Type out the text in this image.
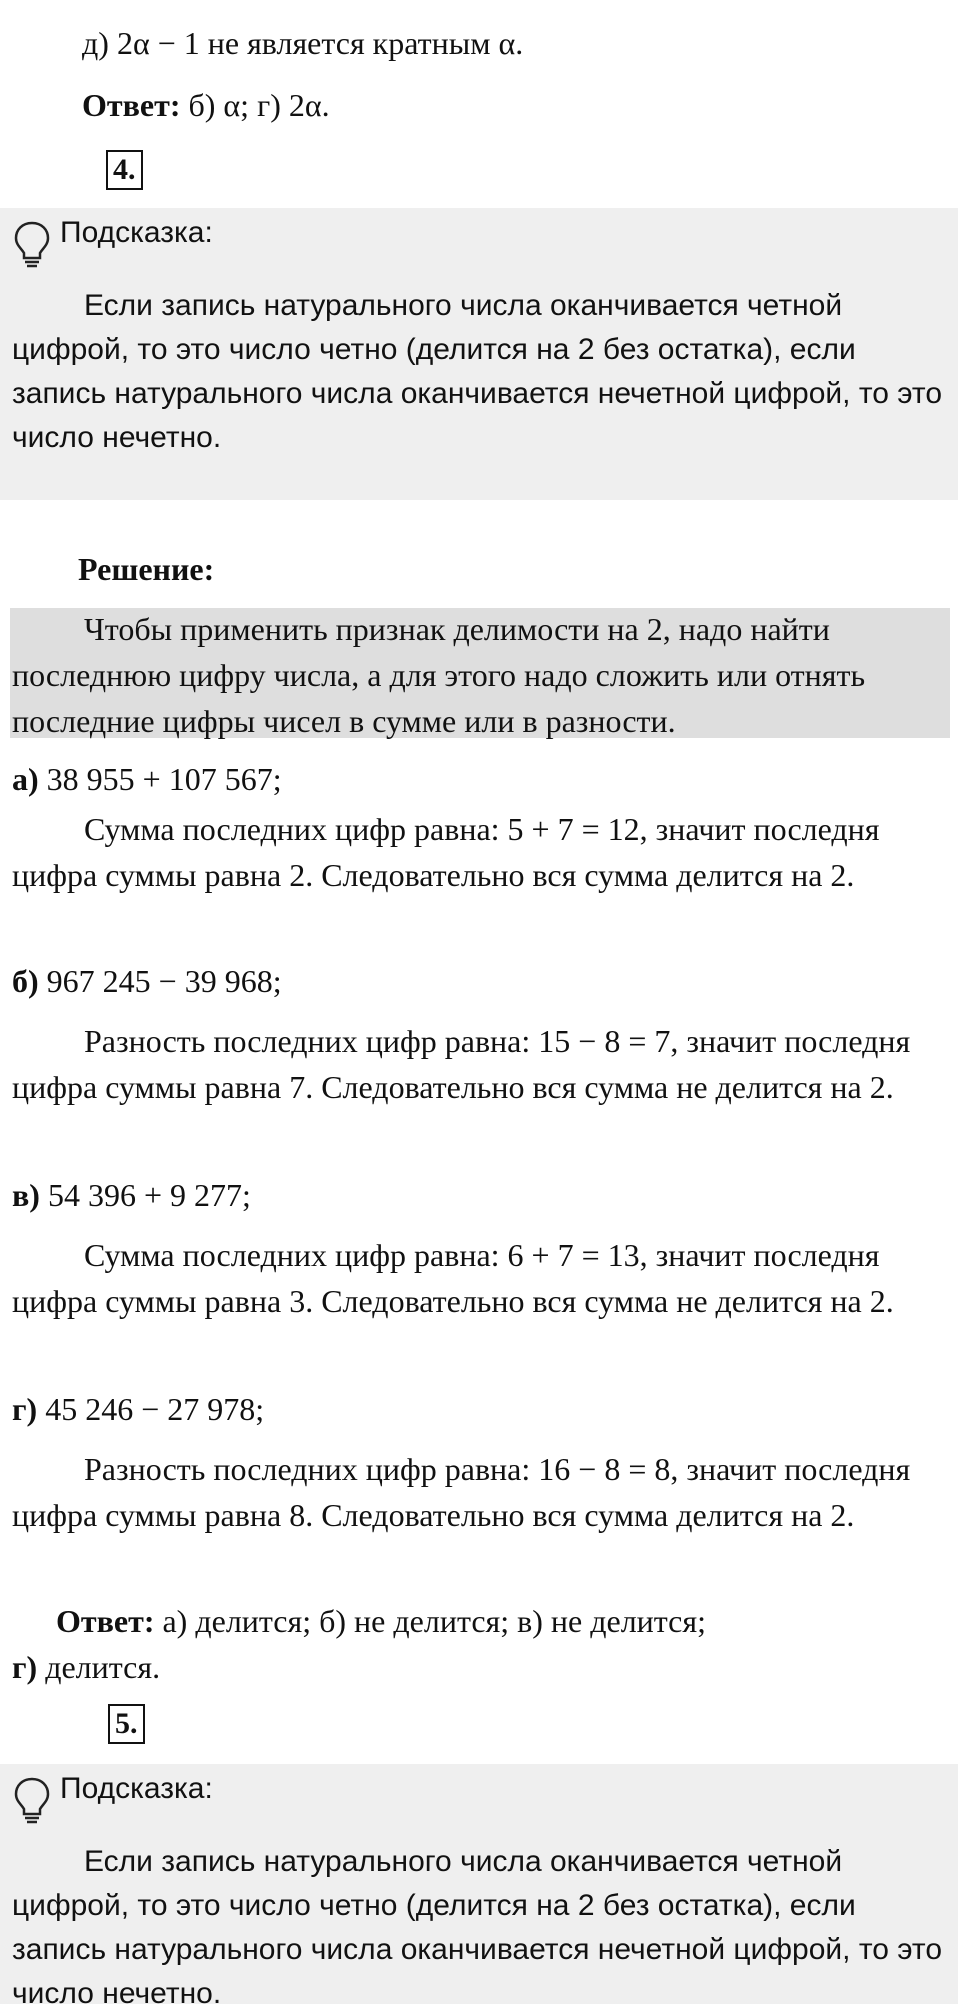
д) 2α − 1 не является кратным α.
Ответ: б) α; г) 2α.
4.
Подсказка:
Если запись натурального числа оканчивается четной цифрой, то это число четно (делится на 2 без остатка), если запись натурального числа оканчивается нечетной цифрой, то это число нечетно.
Решение:
Чтобы применить признак делимости на 2, надо найти последнюю цифру числа, а для этого надо сложить или отнять последние цифры чисел в сумме или в разности.
а) 38 955 + 107 567;
Сумма последних цифр равна: 5 + 7 = 12, значит последня цифра суммы равна 2. Следовательно вся сумма делится на 2.
б) 967 245 − 39 968;
Разность последних цифр равна: 15 − 8 = 7, значит последня цифра суммы равна 7. Следовательно вся сумма не делится на 2.
в) 54 396 + 9 277;
Сумма последних цифр равна: 6 + 7 = 13, значит последня цифра суммы равна 3. Следовательно вся сумма не делится на 2.
г) 45 246 − 27 978;
Разность последних цифр равна: 16 − 8 = 8, значит последня цифра суммы равна 8. Следовательно вся сумма делится на 2.
Ответ: а) делится; б) не делится; в) не делится;
г) делится.
5.
Подсказка:
Если запись натурального числа оканчивается четной цифрой, то это число четно (делится на 2 без остатка), если запись натурального числа оканчивается нечетной цифрой, то это число нечетно.
